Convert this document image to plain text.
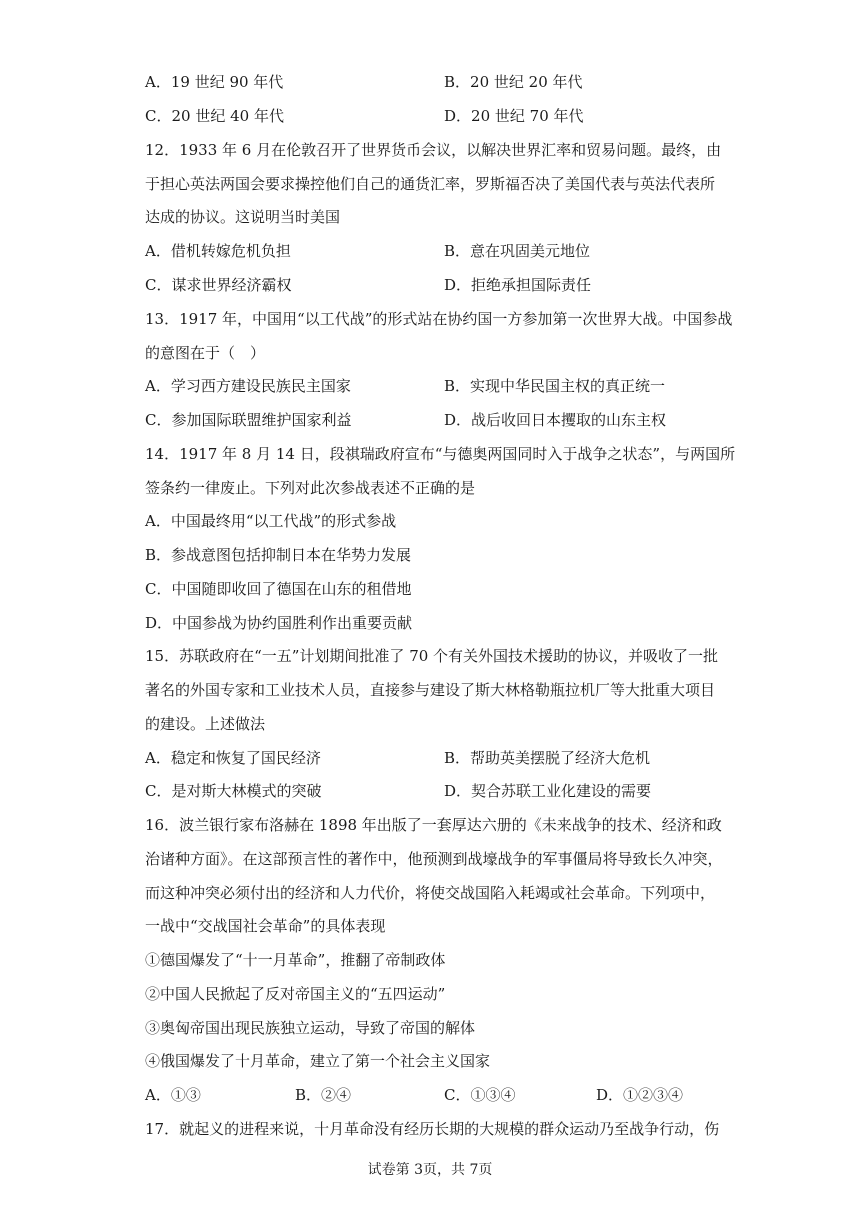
A．19 世纪 90 年代	B．20 世纪 20 年代
C．20 世纪 40 年代	D．20 世纪 70 年代
12．1933 年 6 月在伦敦召开了世界货币会议，以解决世界汇率和贸易问题。最终，由
于担心英法两国会要求操控他们自己的通货汇率，罗斯福否决了美国代表与英法代表所
达成的协议。这说明当时美国
A．借机转嫁危机负担	B．意在巩固美元地位
C．谋求世界经济霸权	D．拒绝承担国际责任
13．1917 年，中国用“以工代战”的形式站在协约国一方参加第一次世界大战。中国参战
的意图在于（　）
A．学习西方建设民族民主国家	B．实现中华民国主权的真正统一
C．参加国际联盟维护国家利益	D．战后收回日本攫取的山东主权
14．1917 年 8 月 14 日，段祺瑞政府宣布“与德奥两国同时入于战争之状态”，与两国所
签条约一律废止。下列对此次参战表述不正确的是
A．中国最终用“以工代战”的形式参战
B．参战意图包括抑制日本在华势力发展
C．中国随即收回了德国在山东的租借地
D．中国参战为协约国胜利作出重要贡献
15．苏联政府在“一五”计划期间批准了 70 个有关外国技术援助的协议，并吸收了一批
著名的外国专家和工业技术人员，直接参与建设了斯大林格勒瓶拉机厂等大批重大项目
的建设。上述做法
A．稳定和恢复了国民经济	B．帮助英美摆脱了经济大危机
C．是对斯大林模式的突破	D．契合苏联工业化建设的需要
16．波兰银行家布洛赫在 1898 年出版了一套厚达六册的《未来战争的技术、经济和政
治诸种方面》。在这部预言性的著作中，他预测到战壕战争的军事僵局将导致长久冲突，
而这种冲突必须付出的经济和人力代价，将使交战国陷入耗竭或社会革命。下列项中，
一战中“交战国社会革命”的具体表现
①德国爆发了“十一月革命”，推翻了帝制政体
②中国人民掀起了反对帝国主义的“五四运动”
③奥匈帝国出现民族独立运动，导致了帝国的解体
④俄国爆发了十月革命，建立了第一个社会主义国家
A．①③	B．②④	C．①③④	D．①②③④
17．就起义的进程来说，十月革命没有经历长期的大规模的群众运动乃至战争行动，伤
试卷第 3页，共 7页
